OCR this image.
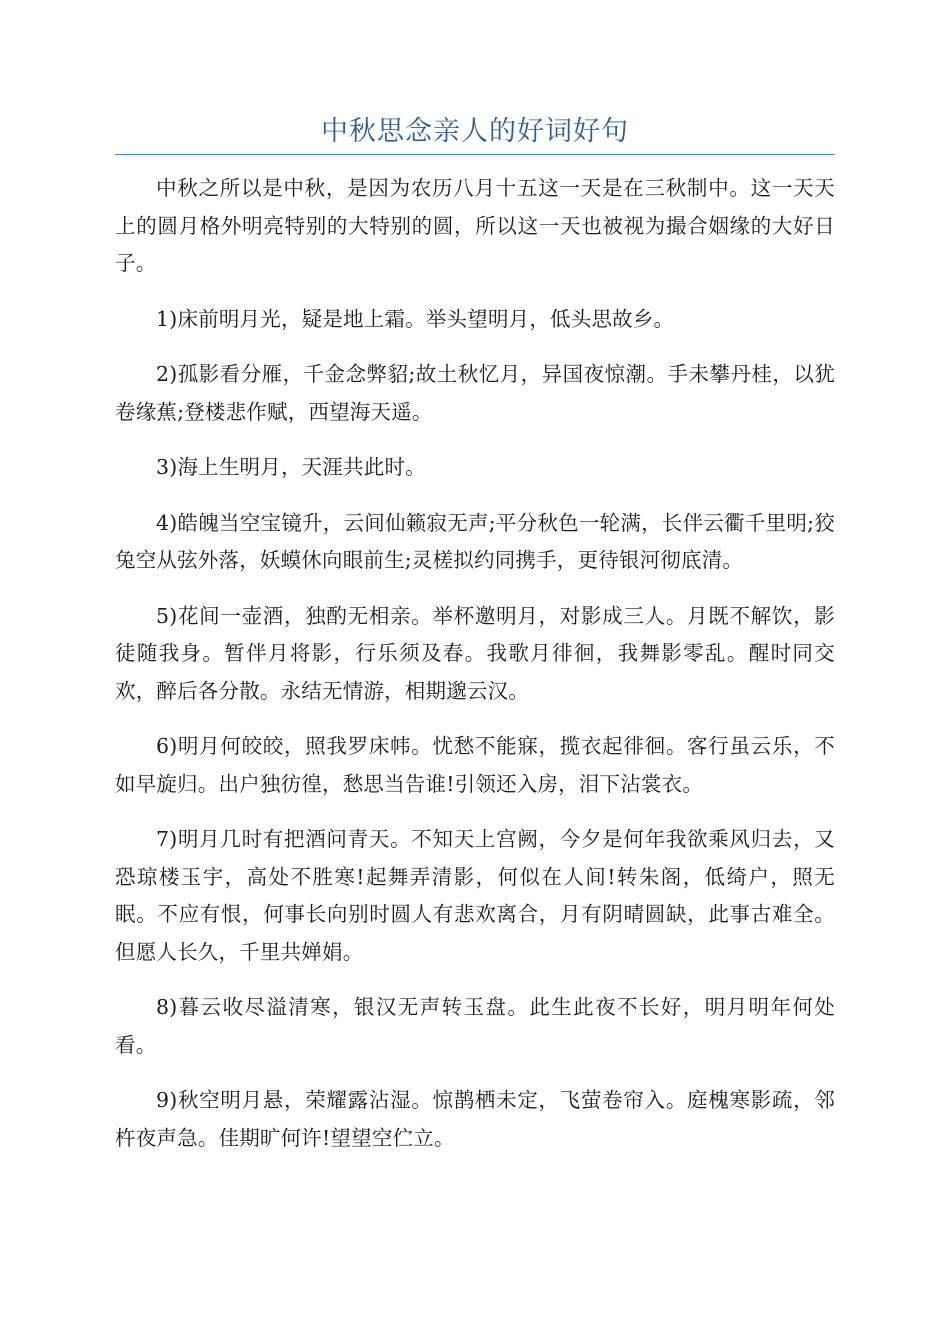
中秋思念亲人的好词好句

中秋之所以是中秋，是因为农历八月十五这一天是在三秋制中。这一天天上的圆月格外明亮特别的大特别的圆，所以这一天也被视为撮合姻缘的大好日子。

1)床前明月光，疑是地上霜。举头望明月，低头思故乡。

2)孤影看分雁，千金念弊貂;故土秋忆月，异国夜惊潮。手未攀丹桂，以犹卷缘蕉;登楼悲作赋，西望海天遥。

3)海上生明月，天涯共此时。

4)皓魄当空宝镜升，云间仙籁寂无声;平分秋色一轮满，长伴云衢千里明;狡兔空从弦外落，妖蟆休向眼前生;灵槎拟约同携手，更待银河彻底清。

5)花间一壶酒，独酌无相亲。举杯邀明月，对影成三人。月既不解饮，影徒随我身。暂伴月将影，行乐须及春。我歌月徘徊，我舞影零乱。醒时同交欢，醉后各分散。永结无情游，相期邈云汉。

6)明月何皎皎，照我罗床帏。忧愁不能寐，揽衣起徘徊。客行虽云乐，不如早旋归。出户独彷徨，愁思当告谁!引领还入房，泪下沾裳衣。

7)明月几时有把酒问青天。不知天上宫阙，今夕是何年我欲乘风归去，又恐琼楼玉宇，高处不胜寒!起舞弄清影，何似在人间!转朱阁，低绮户，照无眠。不应有恨，何事长向别时圆人有悲欢离合，月有阴晴圆缺，此事古难全。但愿人长久，千里共婵娟。

8)暮云收尽溢清寒，银汉无声转玉盘。此生此夜不长好，明月明年何处看。

9)秋空明月悬，荣耀露沾湿。惊鹊栖未定，飞萤卷帘入。庭槐寒影疏，邻杵夜声急。佳期旷何许!望望空伫立。
